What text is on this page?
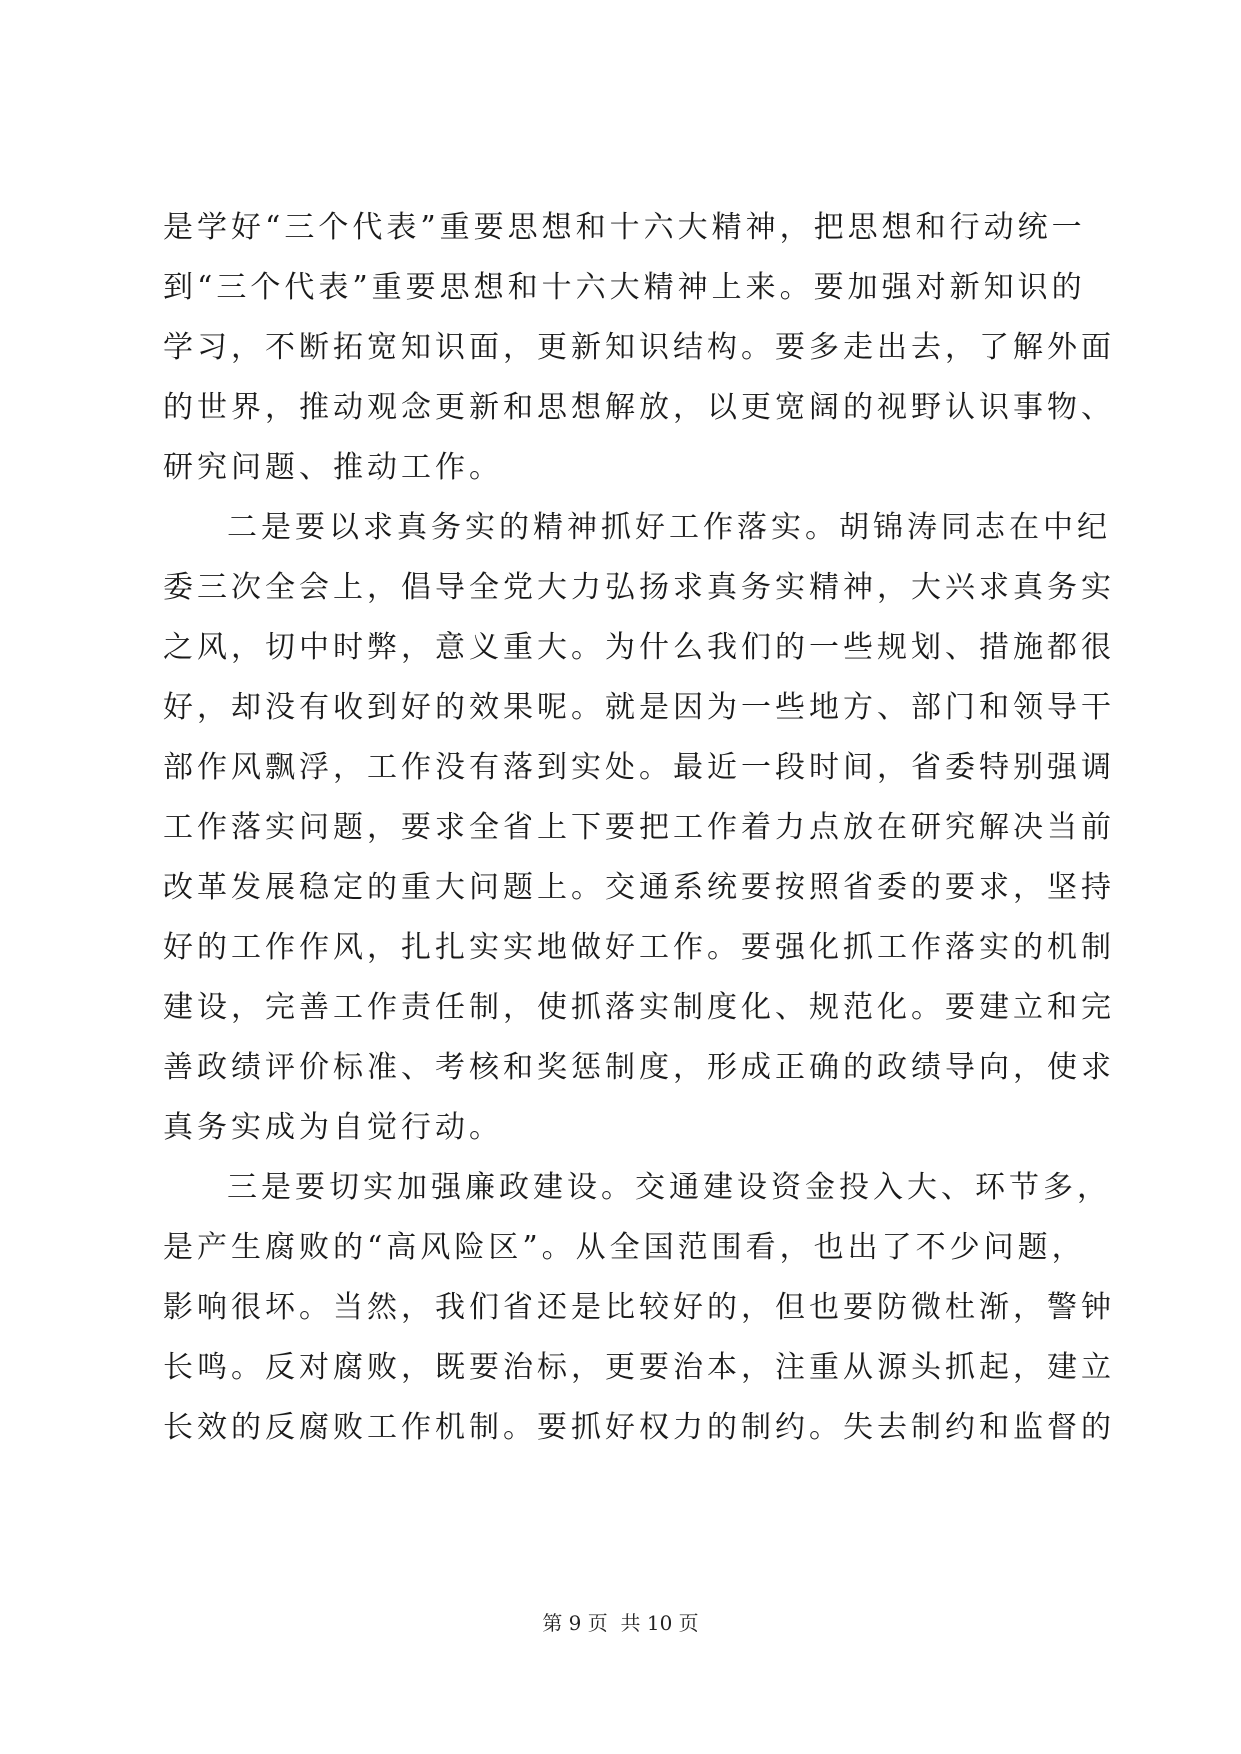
是学好“三个代表”重要思想和十六大精神，把思想和行动统一
到“三个代表”重要思想和十六大精神上来。要加强对新知识的
学习，不断拓宽知识面，更新知识结构。要多走出去，了解外面
的世界，推动观念更新和思想解放，以更宽阔的视野认识事物、
研究问题、推动工作。
二是要以求真务实的精神抓好工作落实。胡锦涛同志在中纪
委三次全会上，倡导全党大力弘扬求真务实精神，大兴求真务实
之风，切中时弊，意义重大。为什么我们的一些规划、措施都很
好，却没有收到好的效果呢。就是因为一些地方、部门和领导干
部作风飘浮，工作没有落到实处。最近一段时间，省委特别强调
工作落实问题，要求全省上下要把工作着力点放在研究解决当前
改革发展稳定的重大问题上。交通系统要按照省委的要求，坚持
好的工作作风，扎扎实实地做好工作。要强化抓工作落实的机制
建设，完善工作责任制，使抓落实制度化、规范化。要建立和完
善政绩评价标准、考核和奖惩制度，形成正确的政绩导向，使求
真务实成为自觉行动。
三是要切实加强廉政建设。交通建设资金投入大、环节多，
是产生腐败的“高风险区”。从全国范围看，也出了不少问题，
影响很坏。当然，我们省还是比较好的，但也要防微杜渐，警钟
长鸣。反对腐败，既要治标，更要治本，注重从源头抓起，建立
长效的反腐败工作机制。要抓好权力的制约。失去制约和监督的
第 9 页  共 10 页
